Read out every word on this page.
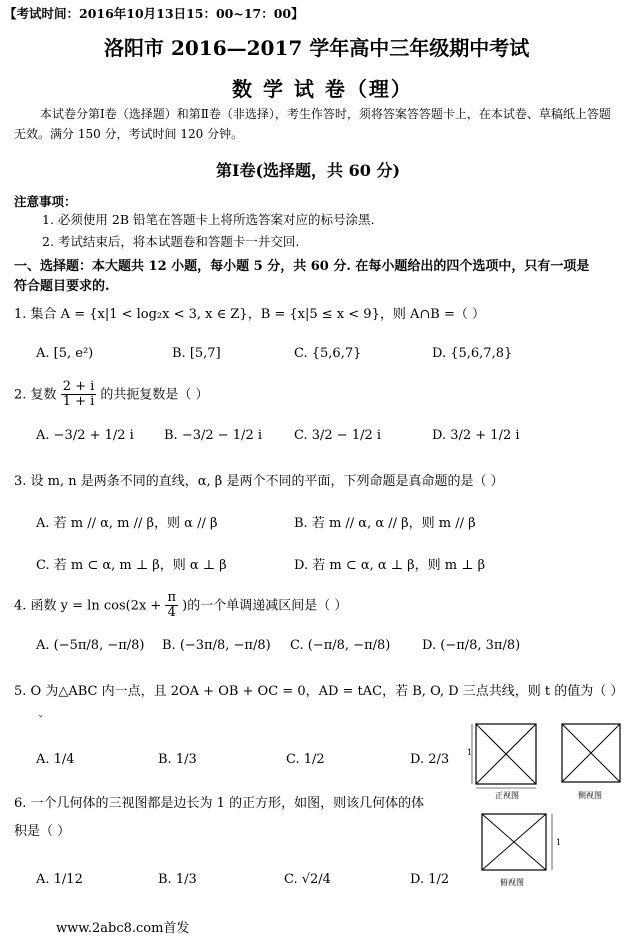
【考试时间：2016年10月13日15：00~17：00】
洛阳市 2016—2017 学年高中三年级期中考试
数 学 试 卷（理）
本试卷分第Ⅰ卷（选择题）和第Ⅱ卷（非选择），考生作答时，须将答案答答题卡上，在本试卷、草稿纸上答题无效。满分 150 分，考试时间 120 分钟。
第Ⅰ卷(选择题，共 60 分)
注意事项：
1. 必须使用 2B 铅笔在答题卡上将所选答案对应的标号涂黑.
2. 考试结束后，将本试题卷和答题卡一并交回.
一、选择题：本大题共 12 小题，每小题 5 分，共 60 分. 在每小题给出的四个选项中，只有一项是
符合题目要求的.
1. 集合 A = {x|1 < log₂x < 3, x ∈ Z}，B = {x|5 ≤ x < 9}，则 A∩B =（ ）
A. [5, e²)	B. [5,7]	C. {5,6,7}	D. {5,6,7,8}
2. 复数 $\frac{2 + i}{1 + i}$ 的共扼复数是（ ）
A. −3/2 + 1/2 i B. −3/2 − 1/2 i C. 3/2 − 1/2 i	D. 3/2 + 1/2 i
3. 设 m, n 是两条不同的直线，α, β 是两个不同的平面，下列命题是真命题的是（ ）
A. 若 m // α, m // β，则 α // β	B. 若 m // α, α // β，则 m // β
C. 若 m ⊂ α, m ⊥ β，则 α ⊥ β	D. 若 m ⊂ α, α ⊥ β，则 m ⊥ β
4. 函数 $y = \ln \cos(2x + \frac{\pi}{4}$ )的一个单调递减区间是（ ）
A. (−5π/8, −π/8) B. (−3π/8, −π/8) C. (−π/8, −π/8) D. (−π/8, 3π/8)
5. O 为△ABC 内一点，且 2OA + OB + OC = 0，AD = tAC，若 B, O, D 三点共线，则 t 的值为（ ）
ˇ
A. 1/4	B. 1/3	C. 1/2	D. 2/3
6. 一个几何体的三视图都是边长为 1 的正方形，如图，则该几何体的体
积是（ ）
A. 1/12	B. 1/3	C. √2/4	D. 1/2
1
正视图	侧视图
1
俯视图
www.2abc8.com首发
